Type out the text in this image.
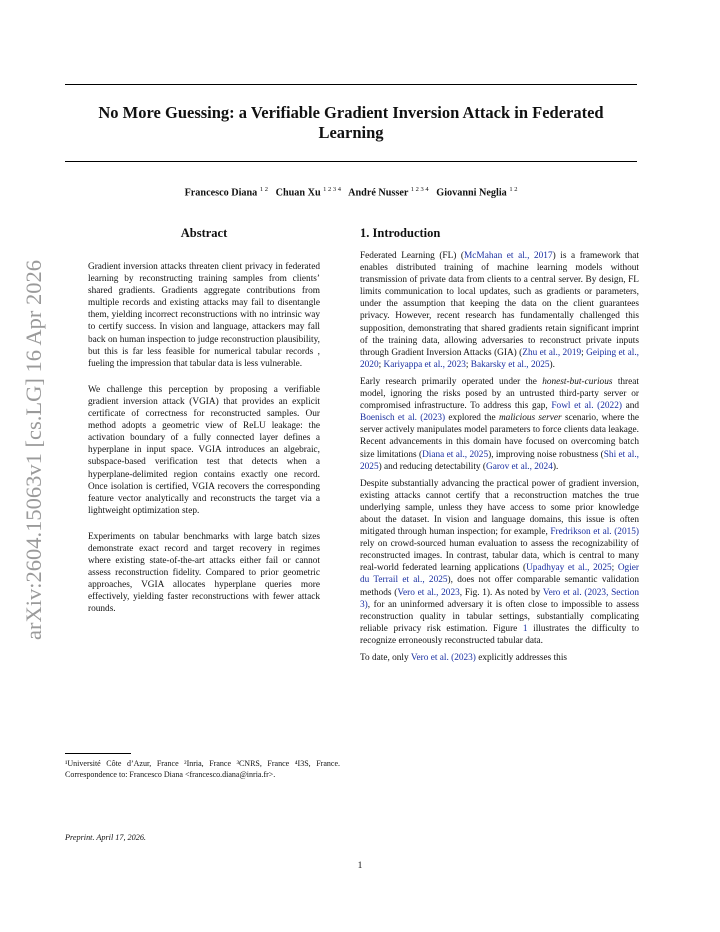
arXiv:2604.15063v1 [cs.LG] 16 Apr 2026
No More Guessing: a Verifiable Gradient Inversion Attack in Federated Learning
Francesco Diana $^{1 2}$ Chuan Xu $^{1 2 3 4}$ André Nusser $^{1 2 3 4}$ Giovanni Neglia $^{1 2}$
Abstract

Gradient inversion attacks threaten client privacy in federated learning by reconstructing training samples from clients’ shared gradients. Gradients aggregate contributions from multiple records and existing attacks may fail to disentangle them, yielding incorrect reconstructions with no intrinsic way to certify success. In vision and language, attackers may fall back on human inspection to judge reconstruction plausibility, but this is far less feasible for numerical tabular records , fueling the impression that tabular data is less vulnerable.

We challenge this perception by proposing a verifiable gradient inversion attack (VGIA) that provides an explicit certificate of correctness for reconstructed samples. Our method adopts a geometric view of ReLU leakage: the activation boundary of a fully connected layer defines a hyperplane in input space. VGIA introduces an algebraic, subspace-based verification test that detects when a hyperplane-delimited region contains exactly one record. Once isolation is certified, VGIA recovers the corresponding feature vector analytically and reconstructs the target via a lightweight optimization step.

Experiments on tabular benchmarks with large batch sizes demonstrate exact record and target recovery in regimes where existing state-of-the-art attacks either fail or cannot assess reconstruction fidelity. Compared to prior geometric approaches, VGIA allocates hyperplane queries more effectively, yielding faster reconstructions with fewer attack rounds.

¹Université Côte d’Azur, France ²Inria, France ³CNRS, France ⁴I3S, France. Correspondence to: Francesco Diana <francesco.diana@inria.fr>.
Preprint. April 17, 2026.
1. Introduction

Federated Learning (FL) (McMahan et al., 2017) is a framework that enables distributed training of machine learning models without transmission of private data from clients to a central server. By design, FL limits communication to local updates, such as gradients or parameters, under the assumption that keeping the data on the client guarantees privacy. However, recent research has fundamentally challenged this supposition, demonstrating that shared gradients retain significant imprint of the training data, allowing adversaries to reconstruct private inputs through Gradient Inversion Attacks (GIA) (Zhu et al., 2019; Geiping et al., 2020; Kariyappa et al., 2023; Bakarsky et al., 2025).

Early research primarily operated under the honest-but-curious threat model, ignoring the risks posed by an untrusted third-party server or compromised infrastructure. To address this gap, Fowl et al. (2022) and Boenisch et al. (2023) explored the malicious server scenario, where the server actively manipulates model parameters to force clients data leakage. Recent advancements in this domain have focused on overcoming batch size limitations (Diana et al., 2025), improving noise robustness (Shi et al., 2025) and reducing detectability (Garov et al., 2024).

Despite substantially advancing the practical power of gradient inversion, existing attacks cannot certify that a reconstruction matches the true underlying sample, unless they have access to some prior knowledge about the dataset. In vision and language domains, this issue is often mitigated through human inspection; for example, Fredrikson et al. (2015) rely on crowd-sourced human evaluation to assess the recognizability of reconstructed images. In contrast, tabular data, which is central to many real-world federated learning applications (Upadhyay et al., 2025; Ogier du Terrail et al., 2025), does not offer comparable semantic validation methods (Vero et al., 2023, Fig. 1). As noted by Vero et al. (2023, Section 3), for an uninformed adversary it is often close to impossible to assess reconstruction quality in tabular settings, substantially complicating reliable privacy risk estimation. Figure 1 illustrates the difficulty to recognize erroneously reconstructed tabular data.

To date, only Vero et al. (2023) explicitly addresses this

1
